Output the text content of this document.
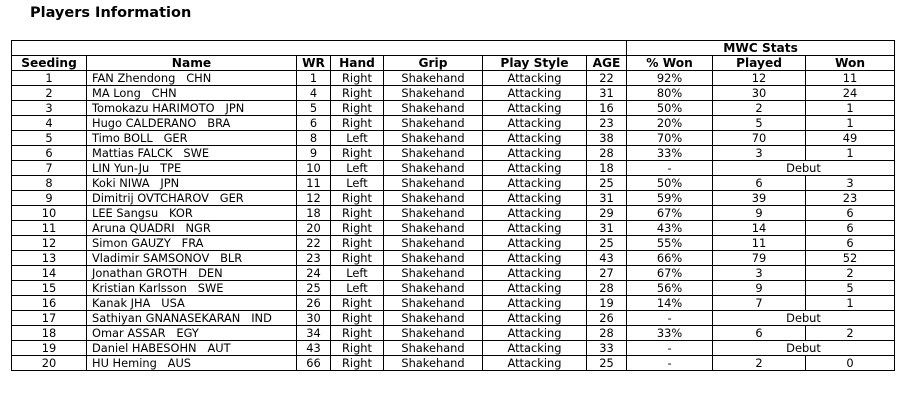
Players Information
							MWC Stats		
Seeding	Name	WR	Hand	Grip	Play Style	AGE	% Won	Played	Won
1	FAN Zhendong   CHN	1	Right	Shakehand	Attacking	22	92%	12	11
2	MA Long   CHN	4	Right	Shakehand	Attacking	31	80%	30	24
3	Tomokazu HARIMOTO   JPN	5	Right	Shakehand	Attacking	16	50%	2	1
4	Hugo CALDERANO   BRA	6	Right	Shakehand	Attacking	23	20%	5	1
5	Timo BOLL   GER	8	Left	Shakehand	Attacking	38	70%	70	49
6	Mattias FALCK   SWE	9	Right	Shakehand	Attacking	28	33%	3	1
7	LIN Yun-Ju   TPE	10	Left	Shakehand	Attacking	18	-	Debut	
8	Koki NIWA   JPN	11	Left	Shakehand	Attacking	25	50%	6	3
9	Dimitrij OVTCHAROV   GER	12	Right	Shakehand	Attacking	31	59%	39	23
10	LEE Sangsu   KOR	18	Right	Shakehand	Attacking	29	67%	9	6
11	Aruna QUADRI   NGR	20	Right	Shakehand	Attacking	31	43%	14	6
12	Simon GAUZY   FRA	22	Right	Shakehand	Attacking	25	55%	11	6
13	Vladimir SAMSONOV   BLR	23	Right	Shakehand	Attacking	43	66%	79	52
14	Jonathan GROTH   DEN	24	Left	Shakehand	Attacking	27	67%	3	2
15	Kristian Karlsson   SWE	25	Left	Shakehand	Attacking	28	56%	9	5
16	Kanak JHA   USA	26	Right	Shakehand	Attacking	19	14%	7	1
17	Sathiyan GNANASEKARAN   IND	30	Right	Shakehand	Attacking	26	-	Debut	
18	Omar ASSAR   EGY	34	Right	Shakehand	Attacking	28	33%	6	2
19	Daniel HABESOHN   AUT	43	Right	Shakehand	Attacking	33	-	Debut	
20	HU Heming   AUS	66	Right	Shakehand	Attacking	25	-	2	0
